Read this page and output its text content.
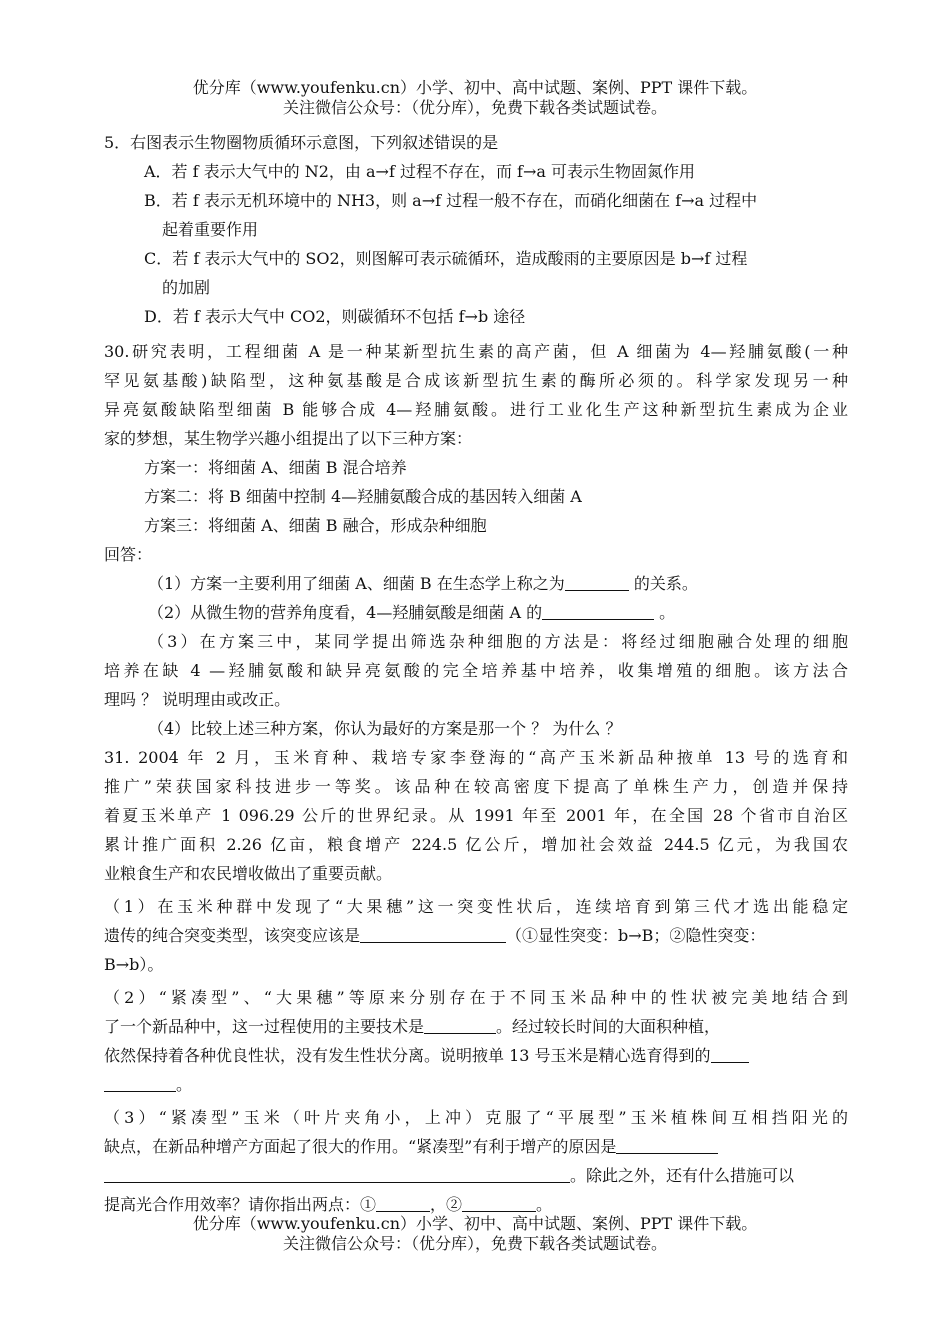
优分库（www.youfenku.cn）小学、初中、高中试题、案例、PPT 课件下载。
关注微信公众号：（优分库），免费下载各类试题试卷。
5．右图表示生物圈物质循环示意图，下列叙述错误的是
A．若 f 表示大气中的 N2，由 a→f 过程不存在，而 f→a 可表示生物固氮作用
B．若 f 表示无机环境中的 NH3，则 a→f 过程一般不存在，而硝化细菌在 f→a 过程中
起着重要作用
C．若 f 表示大气中的 SO2，则图解可表示硫循环，造成酸雨的主要原因是 b→f 过程
的加剧
D．若 f 表示大气中 CO2，则碳循环不包括 f→b 途径
30.研究表明，工程细菌 A 是一种某新型抗生素的高产菌，但 A 细菌为 4—羟脯氨酸(一种
罕见氨基酸)缺陷型，这种氨基酸是合成该新型抗生素的酶所必须的。科学家发现另一种
异亮氨酸缺陷型细菌 B 能够合成 4—羟脯氨酸。进行工业化生产这种新型抗生素成为企业
家的梦想，某生物学兴趣小组提出了以下三种方案：
方案一：将细菌 A、细菌 B 混合培养
方案二：将 B 细菌中控制 4—羟脯氨酸合成的基因转入细菌 A
方案三：将细菌 A、细菌 B 融合，形成杂种细胞
回答：
（1）方案一主要利用了细菌 A、细菌 B 在生态学上称之为	的关系。
（2）从微生物的营养角度看，4—羟脯氨酸是细菌 A 的	。
（3）在方案三中，某同学提出筛选杂种细胞的方法是：将经过细胞融合处理的细胞
培养在缺 4 —羟脯氨酸和缺异亮氨酸的完全培养基中培养，收集增殖的细胞。该方法合
理吗 ？ 说明理由或改正。
（4）比较上述三种方案，你认为最好的方案是那一个 ？ 为什么 ？
31. 2004 年 2 月，玉米育种、栽培专家李登海的“高产玉米新品种掖单 13 号的选育和
推广”荣获国家科技进步一等奖。该品种在较高密度下提高了单株生产力，创造并保持
着夏玉米单产 1 096.29 公斤的世界纪录。从 1991 年至 2001 年，在全国 28 个省市自治区
累计推广面积 2.26 亿亩，粮食增产 224.5 亿公斤，增加社会效益 244.5 亿元，为我国农
业粮食生产和农民增收做出了重要贡献。
（1）在玉米种群中发现了“大果穗”这一突变性状后，连续培育到第三代才选出能稳定
遗传的纯合突变类型，该突变应该是	（①显性突变：b→B；②隐性突变：
B→b）。
（2）“紧凑型”、“大果穗”等原来分别存在于不同玉米品种中的性状被完美地结合到
了一个新品种中，这一过程使用的主要技术是	。经过较长时间的大面积种植，
依然保持着各种优良性状，没有发生性状分离。说明掖单 13 号玉米是精心选育得到的
。
（3）“紧凑型”玉米（叶片夹角小，上冲）克服了“平展型”玉米植株间互相挡阳光的
缺点，在新品种增产方面起了很大的作用。“紧凑型”有利于增产的原因是
。除此之外，还有什么措施可以
提高光合作用效率？请你指出两点：①	，②	。
优分库（www.youfenku.cn）小学、初中、高中试题、案例、PPT 课件下载。
关注微信公众号：（优分库），免费下载各类试题试卷。
